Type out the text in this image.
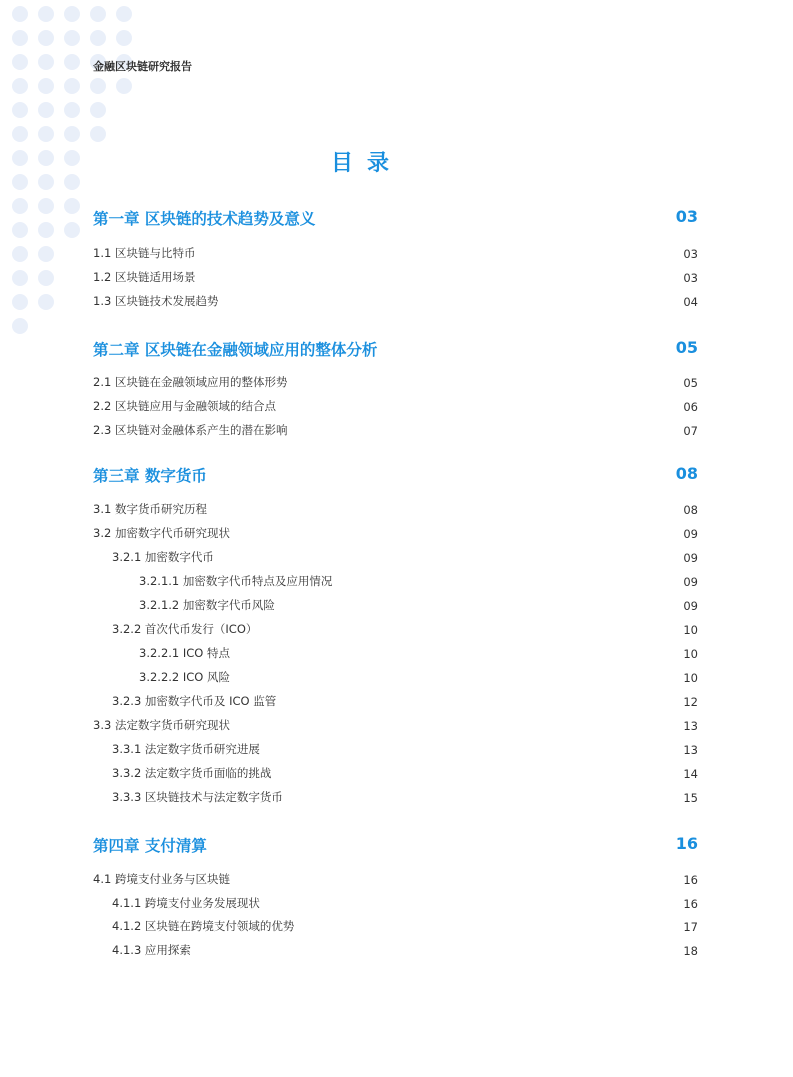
金融区块链研究报告
目录
第一章 区块链的技术趋势及意义	03
1.1 区块链与比特币	03
1.2 区块链适用场景	03
1.3 区块链技术发展趋势	04
第二章 区块链在金融领域应用的整体分析	05
2.1 区块链在金融领域应用的整体形势	05
2.2 区块链应用与金融领域的结合点	06
2.3 区块链对金融体系产生的潜在影响	07
第三章 数字货币	08
3.1 数字货币研究历程	08
3.2 加密数字代币研究现状	09
3.2.1 加密数字代币	09
3.2.1.1 加密数字代币特点及应用情况	09
3.2.1.2 加密数字代币风险	09
3.2.2 首次代币发行（ICO）	10
3.2.2.1 ICO 特点	10
3.2.2.2 ICO 风险	10
3.2.3 加密数字代币及 ICO 监管	12
3.3 法定数字货币研究现状	13
3.3.1 法定数字货币研究进展	13
3.3.2 法定数字货币面临的挑战	14
3.3.3 区块链技术与法定数字货币	15
第四章 支付清算	16
4.1 跨境支付业务与区块链	16
4.1.1 跨境支付业务发展现状	16
4.1.2 区块链在跨境支付领域的优势	17
4.1.3 应用探索	18
